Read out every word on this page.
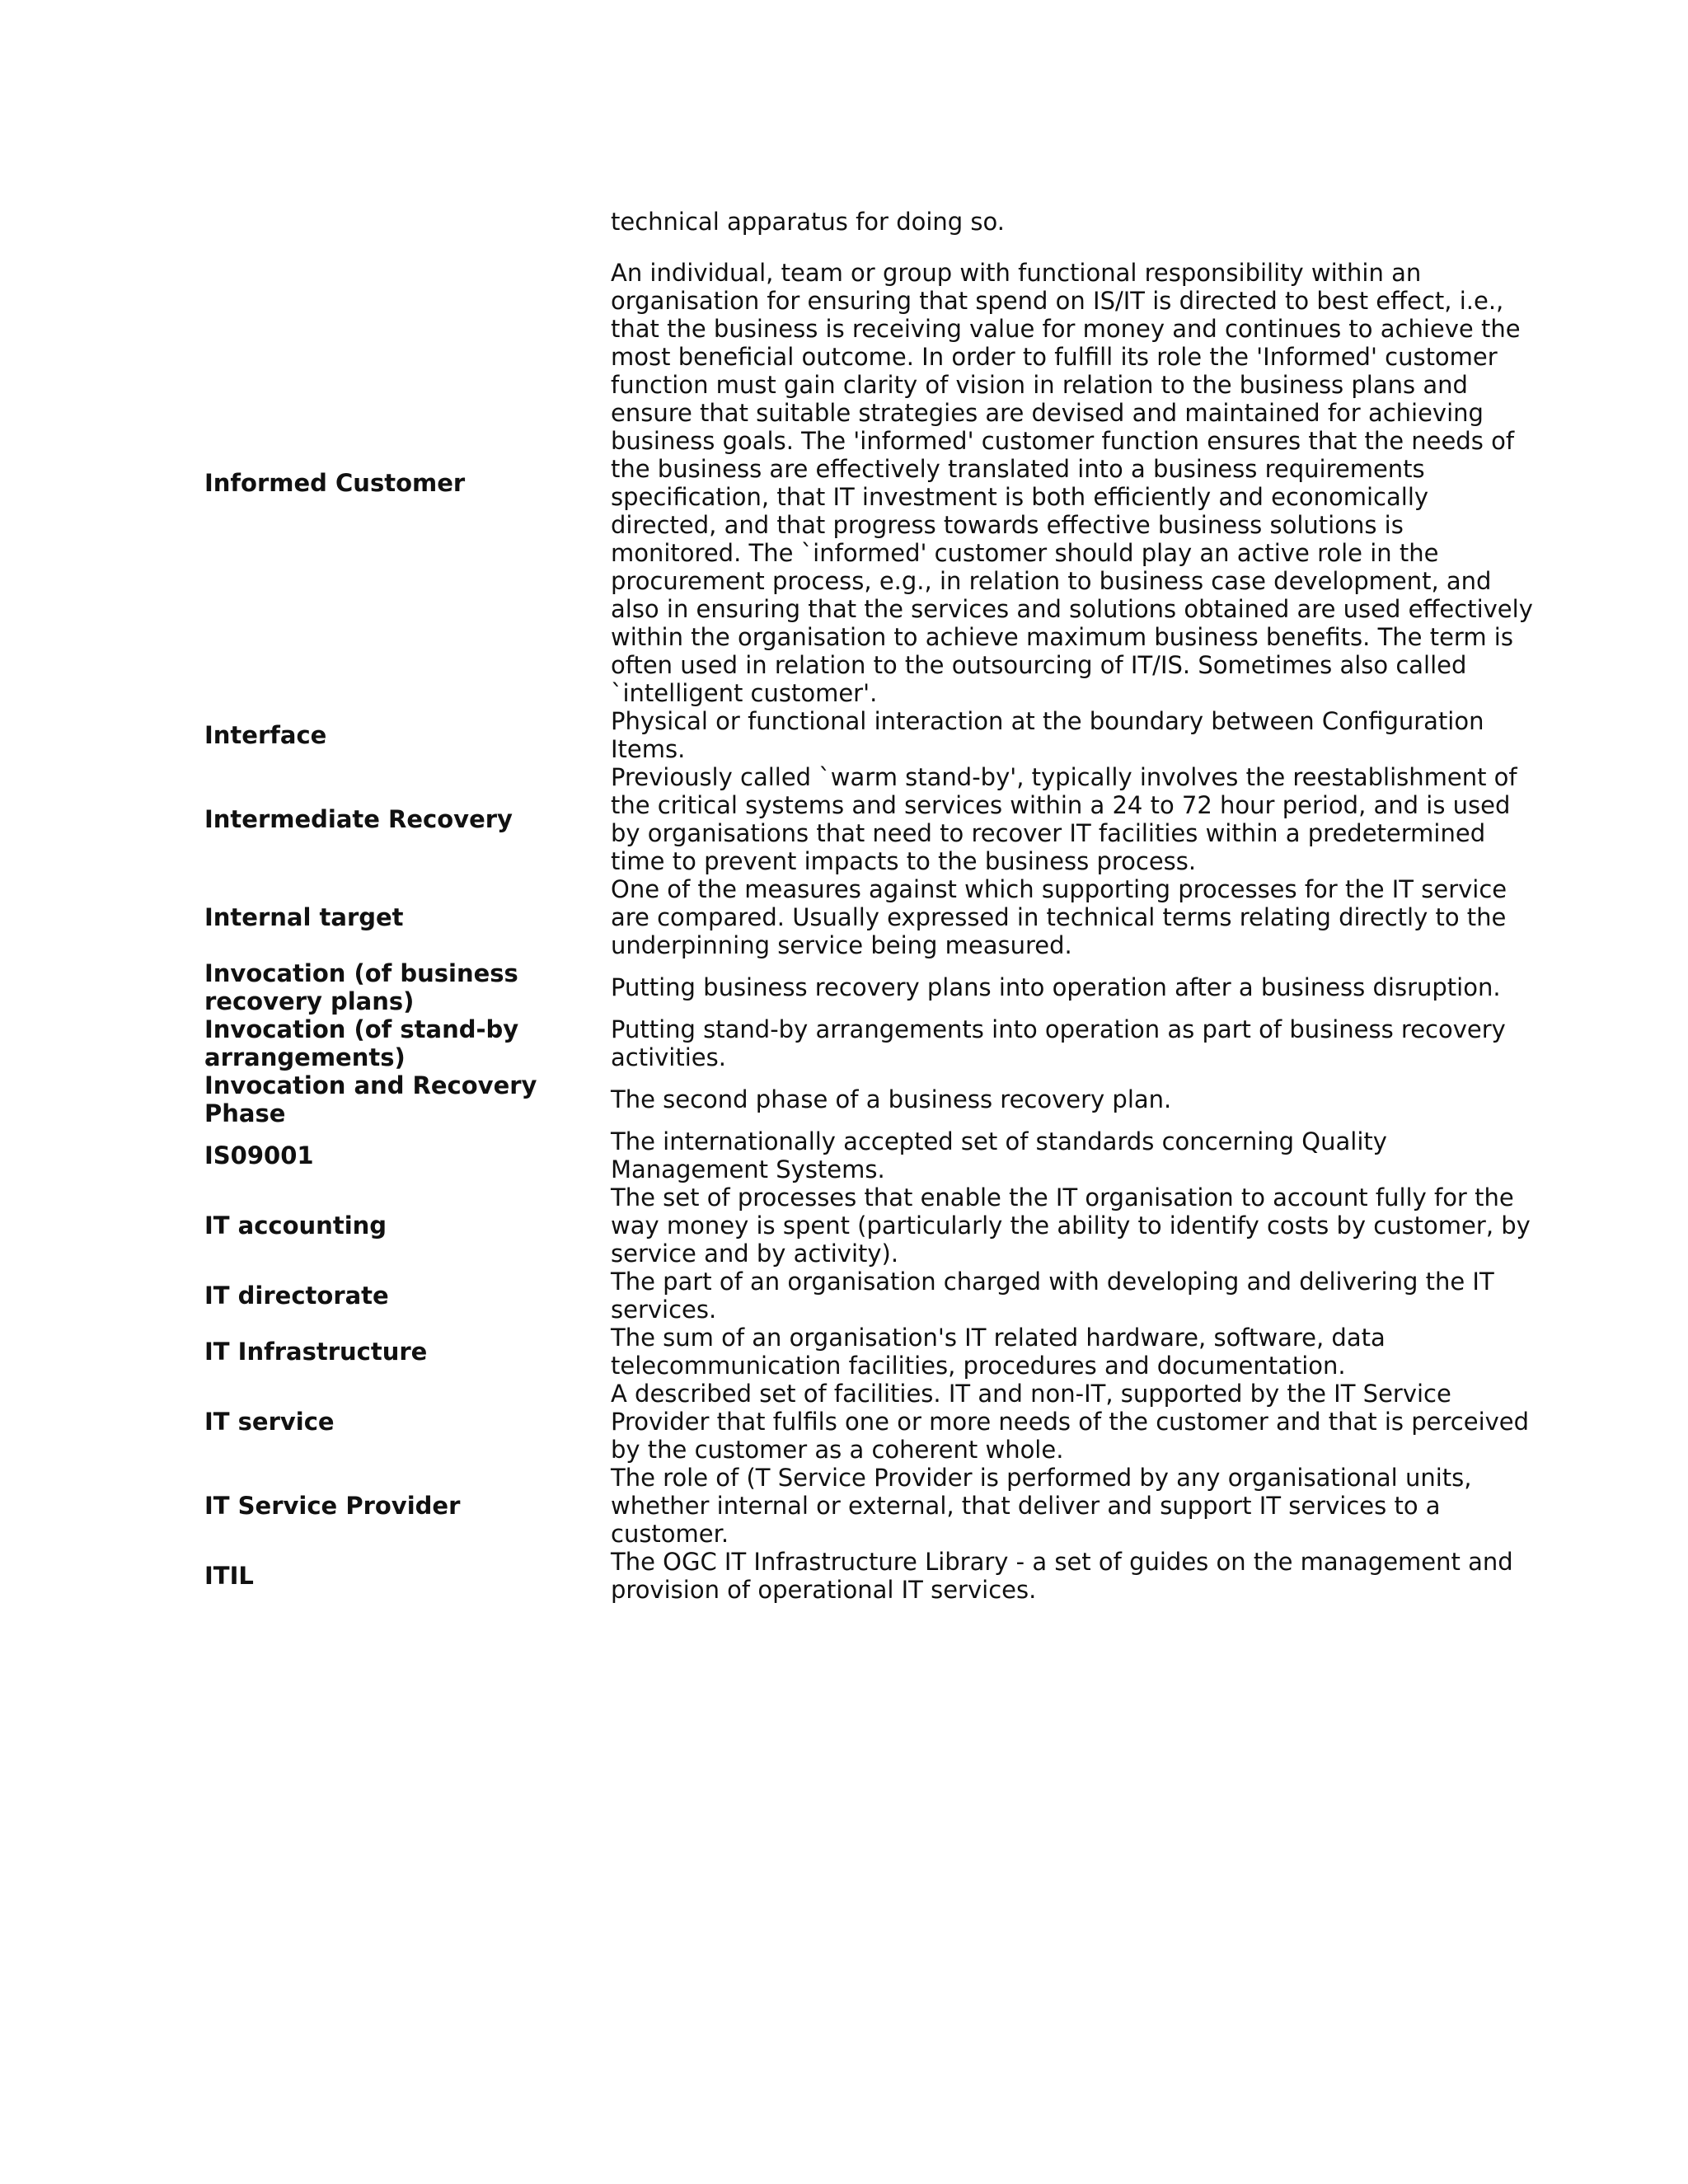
technical apparatus for doing so.

Informed Customer	An individual, team or group with functional responsibility within an organisation for ensuring that spend on IS/IT is directed to best effect, i.e., that the business is receiving value for money and continues to achieve the most beneficial outcome. In order to fulfill its role the 'Informed' customer function must gain clarity of vision in relation to the business plans and ensure that suitable strategies are devised and maintained for achieving business goals. The 'informed' customer function ensures that the needs of the business are effectively translated into a business requirements specification, that IT investment is both efficiently and economically directed, and that progress towards effective business solutions is monitored. The `informed' customer should play an active role in the procurement process, e.g., in relation to business case development, and also in ensuring that the services and solutions obtained are used effectively within the organisation to achieve maximum business benefits. The term is often used in relation to the outsourcing of IT/IS. Sometimes also called `intelligent customer'.
Interface	Physical or functional interaction at the boundary between Configuration Items.
Intermediate Recovery	Previously called `warm stand-by', typically involves the reestablishment of the critical systems and services within a 24 to 72 hour period, and is used by organisations that need to recover IT facilities within a predetermined time to prevent impacts to the business process.
Internal target	One of the measures against which supporting processes for the IT service are compared. Usually expressed in technical terms relating directly to the underpinning service being measured.
Invocation (of business recovery plans)	Putting business recovery plans into operation after a business disruption.
Invocation (of stand-by arrangements)	Putting stand-by arrangements into operation as part of business recovery activities.
Invocation and Recovery Phase	The second phase of a business recovery plan.
IS09001	The internationally accepted set of standards concerning Quality Management Systems.
IT accounting	The set of processes that enable the IT organisation to account fully for the way money is spent (particularly the ability to identify costs by customer, by service and by activity).
IT directorate	The part of an organisation charged with developing and delivering the IT services.
IT Infrastructure	The sum of an organisation's IT related hardware, software, data telecommunication facilities, procedures and documentation.
IT service	A described set of facilities. IT and non-IT, supported by the IT Service Provider that fulfils one or more needs of the customer and that is perceived by the customer as a coherent whole.
IT Service Provider	The role of (T Service Provider is performed by any organisational units, whether internal or external, that deliver and support IT services to a customer.
ITIL	The OGC IT Infrastructure Library - a set of guides on the management and provision of operational IT services.
